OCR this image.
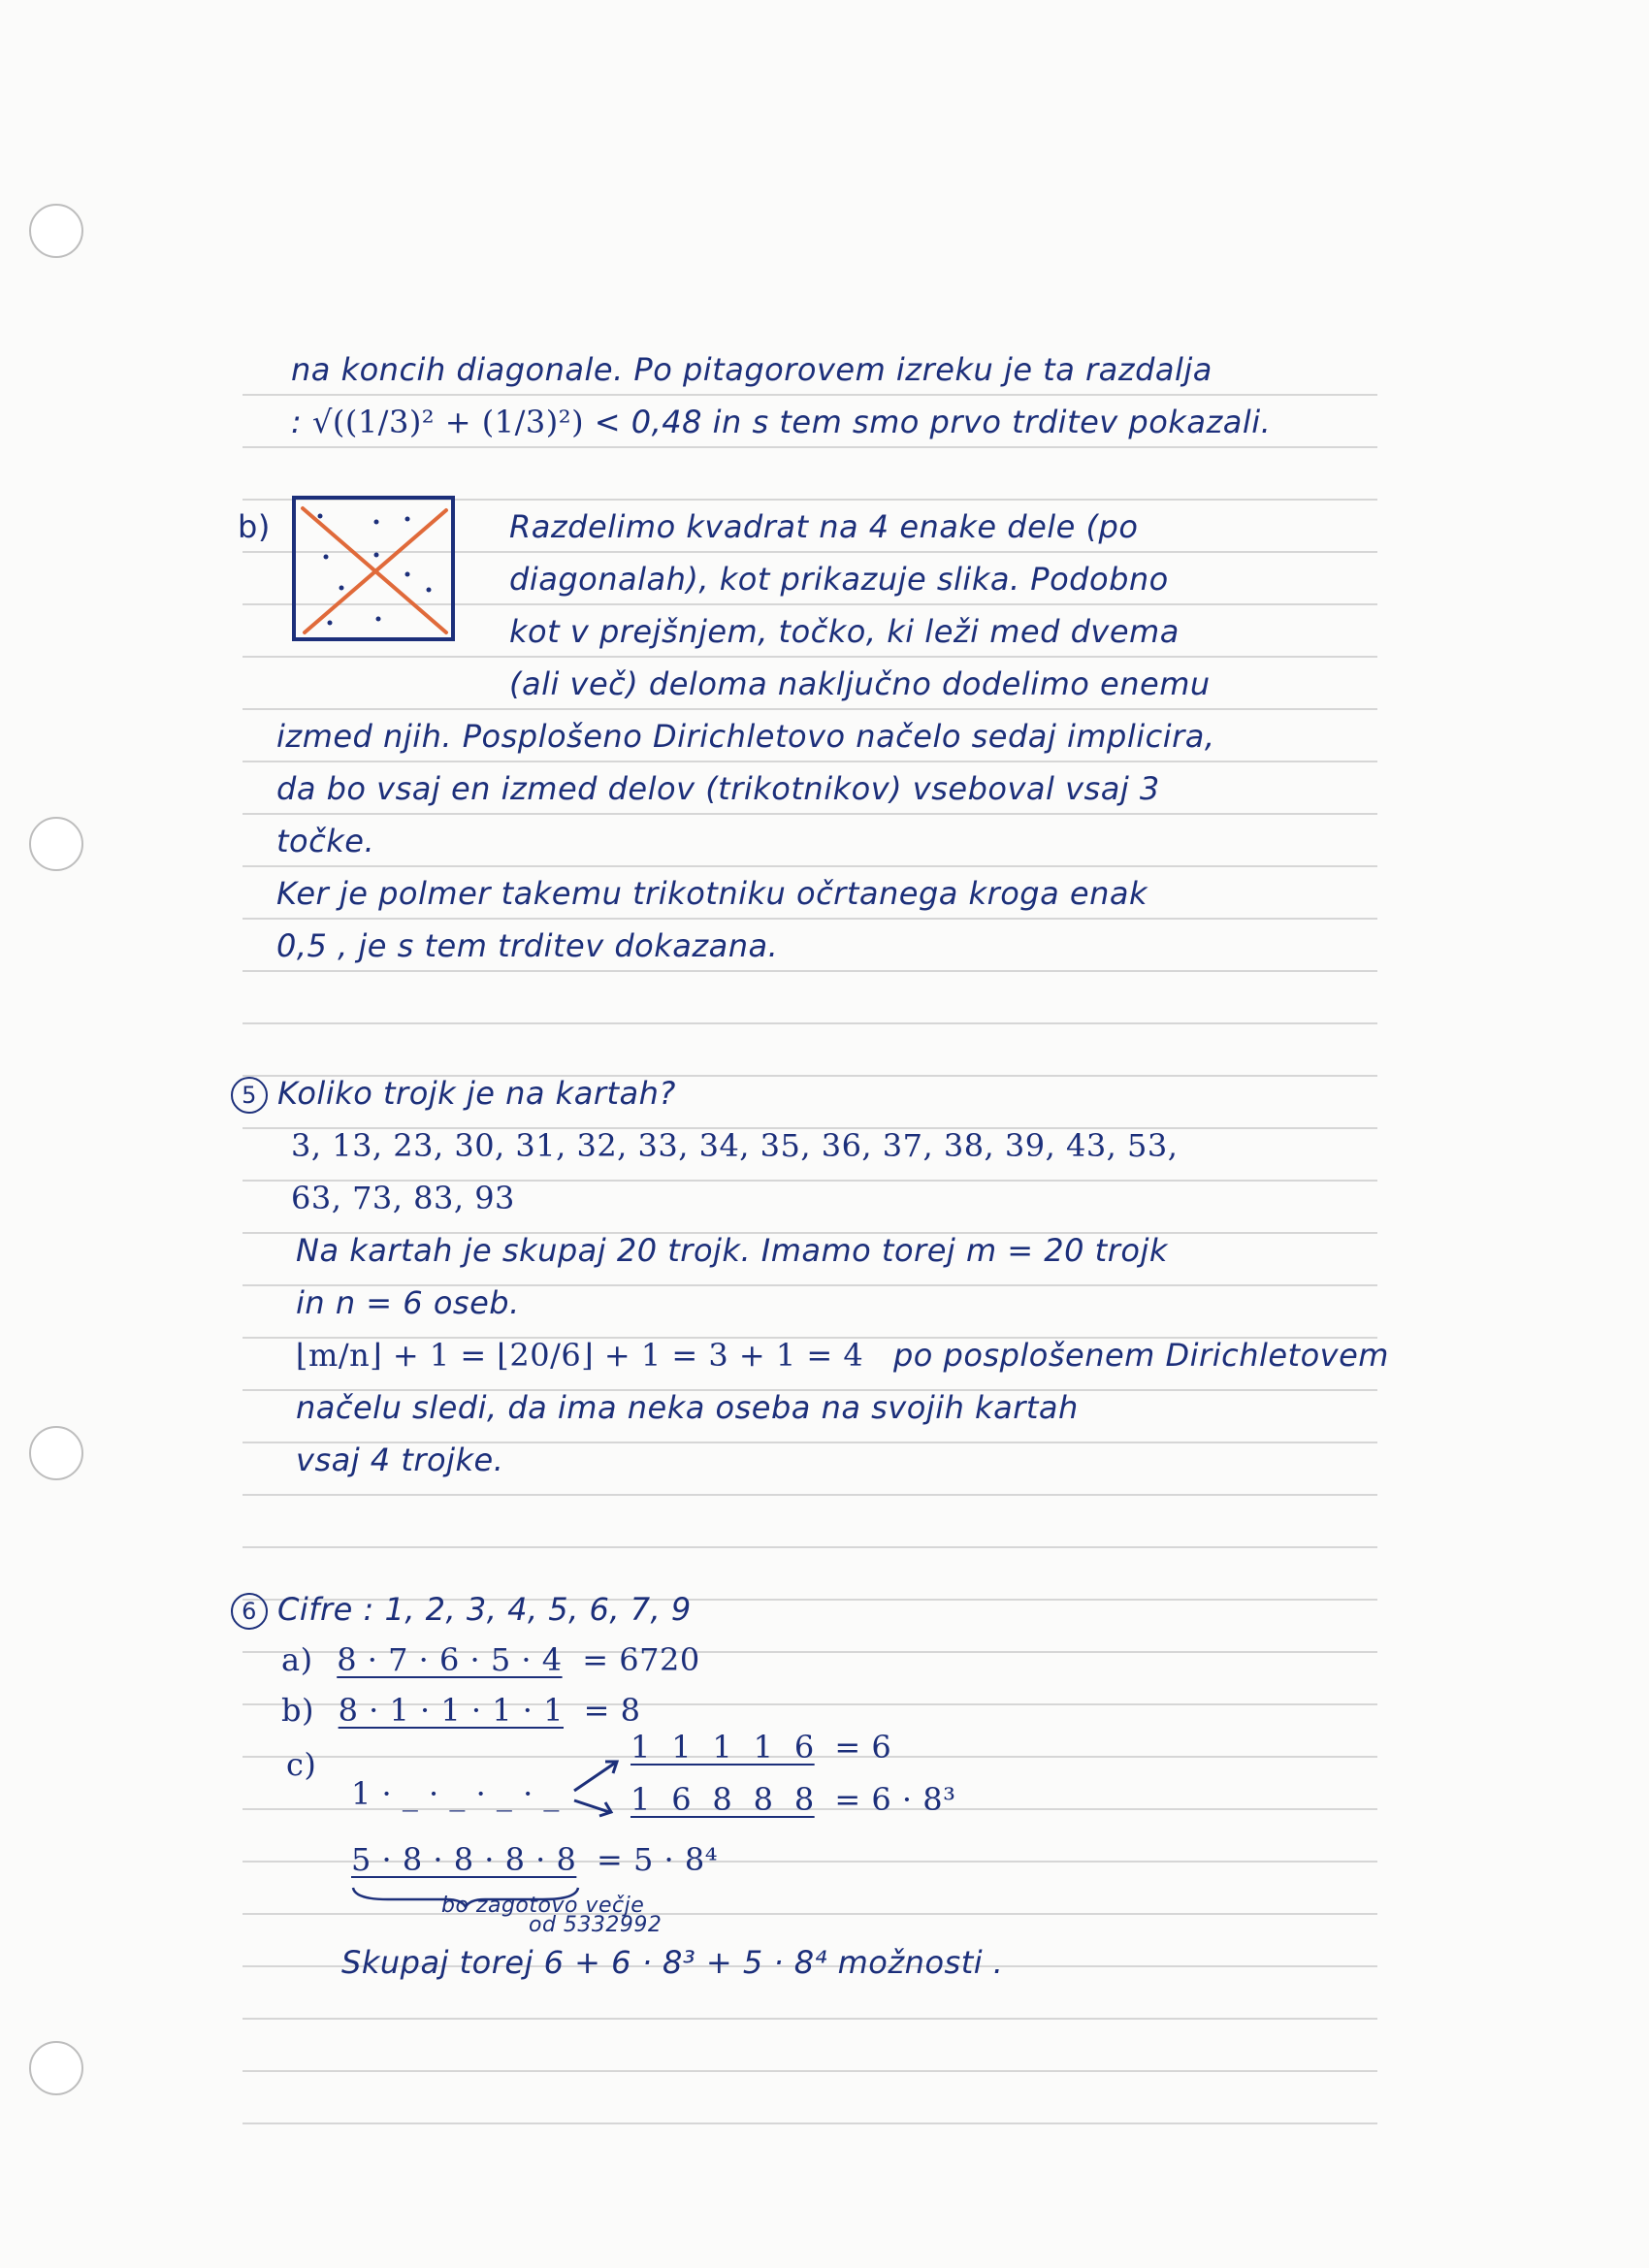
na koncih diagonale. Po pitagorovem izreku je ta razdalja
: √((1/3)² + (1/3)²) < 0,48 in s tem smo prvo trditev pokazali.
b)	Razdelimo kvadrat na 4 enake dele (po
diagonalah), kot prikazuje slika. Podobno
kot v prejšnjem, točko, ki leži med dvema
(ali več) deloma naključno dodelimo enemu
izmed njih. Posplošeno Dirichletovo načelo sedaj implicira,
da bo vsaj en izmed delov (trikotnikov) vseboval vsaj 3
točke.
Ker je polmer takemu trikotniku očrtanega kroga enak
0,5 , je s tem trditev dokazana.
5 Koliko trojk je na kartah?
3, 13, 23, 30, 31, 32, 33, 34, 35, 36, 37, 38, 39, 43, 53,
63, 73, 83, 93
Na kartah je skupaj 20 trojk. Imamo torej m = 20 trojk
in n = 6 oseb.
⌊m/n⌋ + 1 = ⌊20/6⌋ + 1 = 3 + 1 = 4 po posplošenem Dirichletovem
načelu sledi, da ima neka oseba na svojih kartah
vsaj 4 trojke.
6 Cifre : 1, 2, 3, 4, 5, 6, 7, 9
a) 8 · 7 · 6 · 5 · 4 = 6720
b) 8 · 1 · 1 · 1 · 1 = 8
c)
1 · _ · _ · _ · _
1  1  1  1  6 = 6
1  6  8  8  8 = 6 · 8³
5 · 8 · 8 · 8 · 8 = 5 · 8⁴
bo zagotovo večje
od 5332992
Skupaj torej 6 + 6 · 8³ + 5 · 8⁴ možnosti .
